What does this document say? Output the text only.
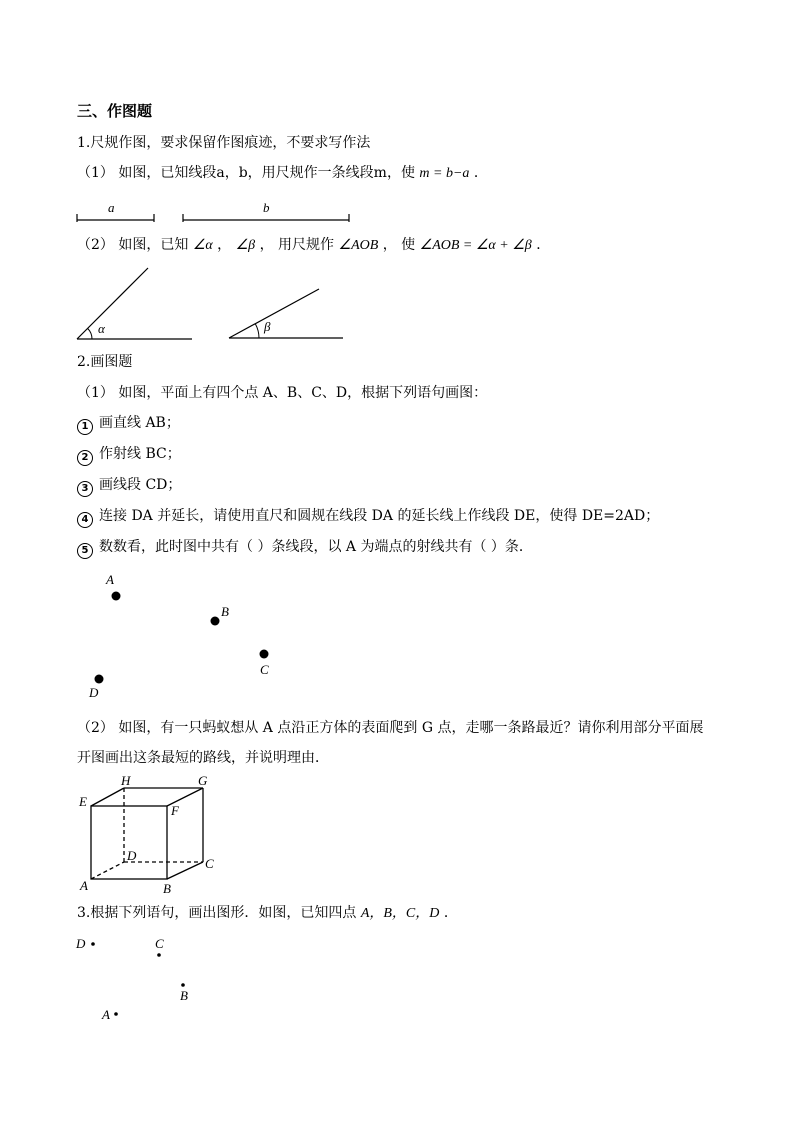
三、作图题
1.尺规作图，要求保留作图痕迹，不要求写作法
（1） 如图，已知线段a，b，用尺规作一条线段m，使 m = b−a ．
a	b
α	β
（2） 如图，已知 ∠α ， ∠β ， 用尺规作 ∠AOB ， 使 ∠AOB = ∠α + ∠β ．
2.画图题
（1） 如图，平面上有四个点 A、B、C、D，根据下列语句画图：
1 画直线 AB；
2 作射线 BC；
3 画线段 CD；
4 连接 DA 并延长，请使用直尺和圆规在线段 DA 的延长线上作线段 DE，使得 DE=2AD；
5 数数看，此时图中共有（ ）条线段，以 A 为端点的射线共有（ ）条．
A
B
C
D
A	B
C
D
E
F
G
H
D	C
B
A
（2） 如图，有一只蚂蚁想从 A 点沿正方体的表面爬到 G 点，走哪一条路最近？请你利用部分平面展
开图画出这条最短的路线，并说明理由．
3.根据下列语句，画出图形．如图，已知四点 A，B，C，D ．
